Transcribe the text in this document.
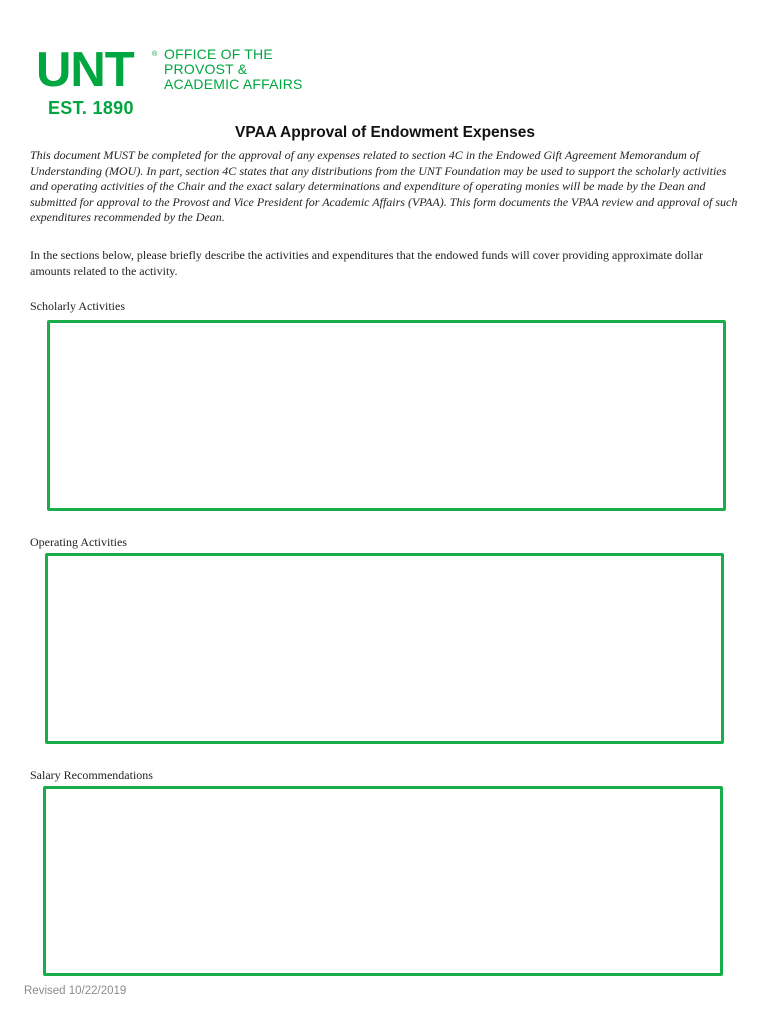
UNT	®
EST. 1890
OFFICE OF THE
PROVOST &
ACADEMIC AFFAIRS
VPAA Approval of Endowment Expenses
This document MUST be completed for the approval of any expenses related to section 4C in the Endowed Gift Agreement Memorandum of Understanding (MOU). In part, section 4C states that any distributions from the UNT Foundation may be used to support the scholarly activities and operating activities of the Chair and the exact salary determinations and expenditure of operating monies will be made by the Dean and submitted for approval to the Provost and Vice President for Academic Affairs (VPAA). This form documents the VPAA review and approval of such expenditures recommended by the Dean.
In the sections below, please briefly describe the activities and expenditures that the endowed funds will cover providing approximate dollar amounts related to the activity.
Scholarly Activities
Operating Activities
Salary Recommendations
Revised 10/22/2019
